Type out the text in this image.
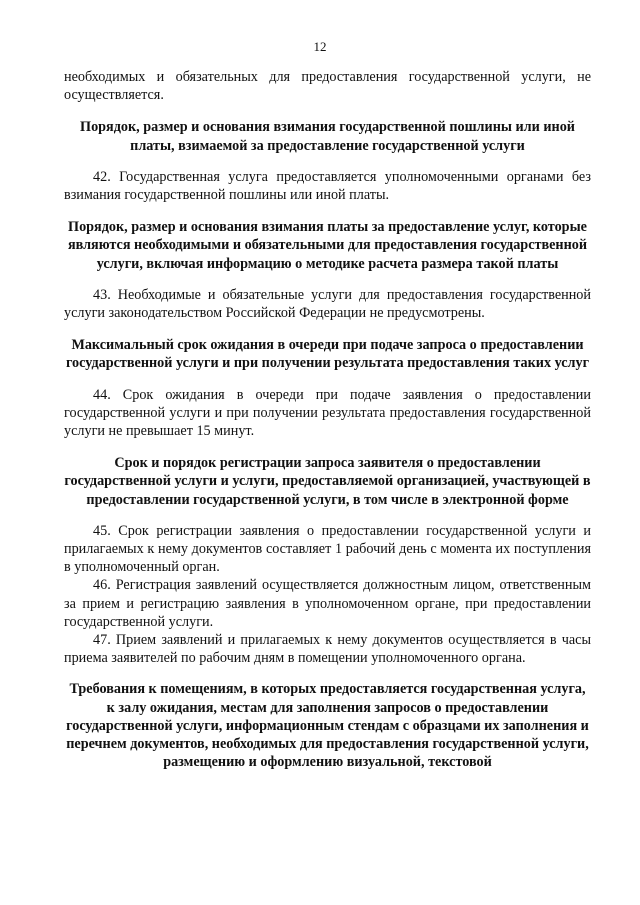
12

необходимых и обязательных для предоставления государственной услуги, не осуществляется.

Порядок, размер и основания взимания государственной пошлины или иной платы, взимаемой за предоставление государственной услуги

42. Государственная услуга предоставляется уполномоченными органами без взимания государственной пошлины или иной платы.

Порядок, размер и основания взимания платы за предоставление услуг, которые являются необходимыми и обязательными для предоставления государственной услуги, включая информацию о методике расчета размера такой платы

43. Необходимые и обязательные услуги для предоставления государственной услуги законодательством Российской Федерации не предусмотрены.

Максимальный срок ожидания в очереди при подаче запроса о предоставлении государственной услуги и при получении результата предоставления таких услуг

44. Срок ожидания в очереди при подаче заявления о предоставлении государственной услуги и при получении результата предоставления государственной услуги не превышает 15 минут.

Срок и порядок регистрации запроса заявителя о предоставлении государственной услуги и услуги, предоставляемой организацией, участвующей в предоставлении государственной услуги, в том числе в электронной форме

45. Срок регистрации заявления о предоставлении государственной услуги и прилагаемых к нему документов составляет 1 рабочий день с момента их поступления в уполномоченный орган.

46. Регистрация заявлений осуществляется должностным лицом, ответственным за прием и регистрацию заявления в уполномоченном органе, при предоставлении государственной услуги.

47. Прием заявлений и прилагаемых к нему документов осуществляется в часы приема заявителей по рабочим дням в помещении уполномоченного органа.

Требования к помещениям, в которых предоставляется государственная услуга, к залу ожидания, местам для заполнения запросов о предоставлении государственной услуги, информационным стендам с образцами их заполнения и перечнем документов, необходимых для предоставления государственной услуги, размещению и оформлению визуальной, текстовой
